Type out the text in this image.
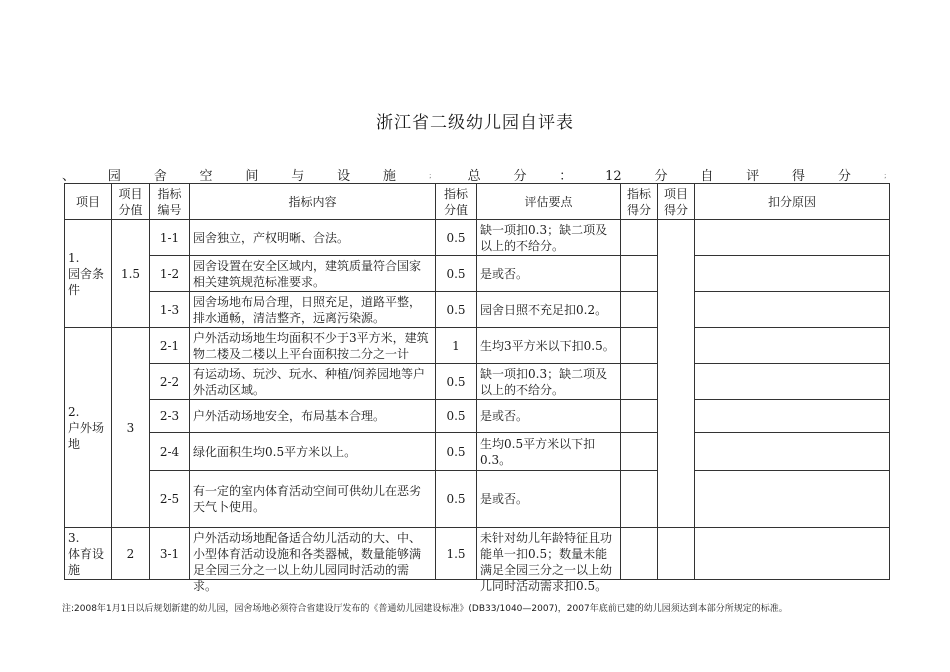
浙江省二级幼儿园自评表
、	园	舍	空	间	与	设	施	；	总	分	：	12	分	自	评	得	分	；
项目	项目分值	指标编号	指标内容	指标分值	评估要点	指标得分	项目得分	扣分原因

1.
园舍条件	1.5	1-1	园舍独立，产权明晰、合法。	0.5	缺一项扣0.3；缺二项及以上的不给分。			
		1-2	园舍设置在安全区域内，建筑质量符合国家相关建筑规范标准要求。	0.5	是或否。			
		1-3	园舍场地布局合理，日照充足，道路平整，排水通畅，清洁整齐，远离污染源。	0.5	园舍日照不充足扣0.2。			

2.
户外场地	3	2-1	户外活动场地生均面积不少于3平方米，建筑物二楼及二楼以上平台面积按二分之一计	1	生均3平方米以下扣0.5。			
		2-2	有运动场、玩沙、玩水、种植/饲养园地等户外活动区域。	0.5	缺一项扣0.3；缺二项及以上的不给分。			
		2-3	户外活动场地安全，布局基本合理。	0.5	是或否。			
		2-4	绿化面积生均0.5平方米以上。	0.5	生均0.5平方米以下扣0.3。			
		2-5	有一定的室内体育活动空间可供幼儿在恶劣天气卜使用。	0.5	是或否。			

3.
体育设施	2	3-1	户外活动场地配备适合幼儿活动的大、中、小型体育活动设施和各类器械，数量能够满足全园三分之一以上幼儿园同时活动的需求。	1.5	未针对幼儿年龄特征且功能单一扣0.5；数量未能满足全园三分之一以上幼儿同时活动需求扣0.5。			

注:2008年1月1日以后规划新建的幼儿园，园舍场地必须符合省建设厅发布的《普通幼儿园建设标准》(DB33/1040—2007)，2007年底前已建的幼儿园须达到本部分所规定的标准。
